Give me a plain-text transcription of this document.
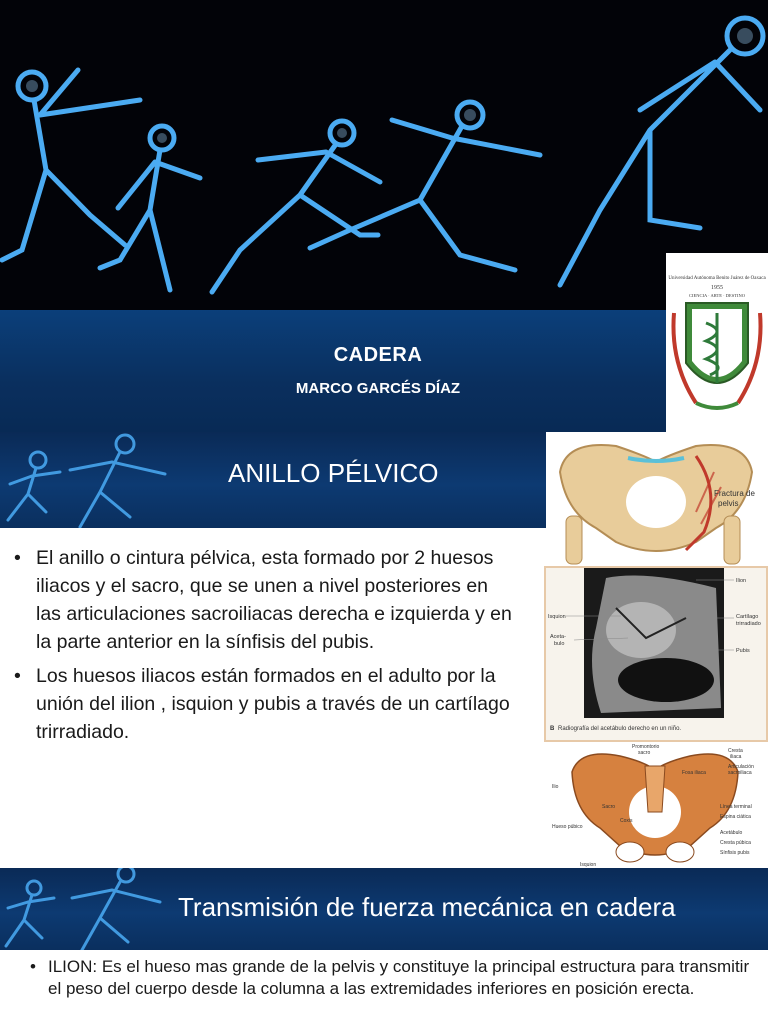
CADERA
MARCO GARCÉS DÍAZ
Universidad Autónoma Benito Juárez de Oaxaca
1955
CIENCIA · ARTE · DESTINO
ANILLO PÉLVICO
• El anillo o cintura pélvica, esta formado por 2 huesos iliacos y el sacro, que se unen a nivel posteriores en las articulaciones sacroiliacas derecha e izquierda y en la parte anterior en la sínfisis del pubis.
• Los huesos iliacos están formados en el adulto por la unión del ilion , isquion y pubis a través de un cartílago trirradiado.
Fractura de
pelvis
Ilion
Isquion
Aceta-
bulo
Cartílago
trirradiado
Pubis
B Radiografía del acetábulo derecho en un niño.
Promontorio
sacro	Cresta
iliaca
Articulación
sacroiliaca
Fosa iliaca
Ilio
Sacro
Coxis
Hueso púbico
Isquion
Línea terminal
Espina ciática
Acetábulo
Cresta púbica
Sínfisis pubis
Transmisión de fuerza mecánica en cadera
• ILION: Es el hueso mas grande de la pelvis y constituye la principal estructura para transmitir el peso del cuerpo desde la columna a las extremidades inferiores en posición erecta.
